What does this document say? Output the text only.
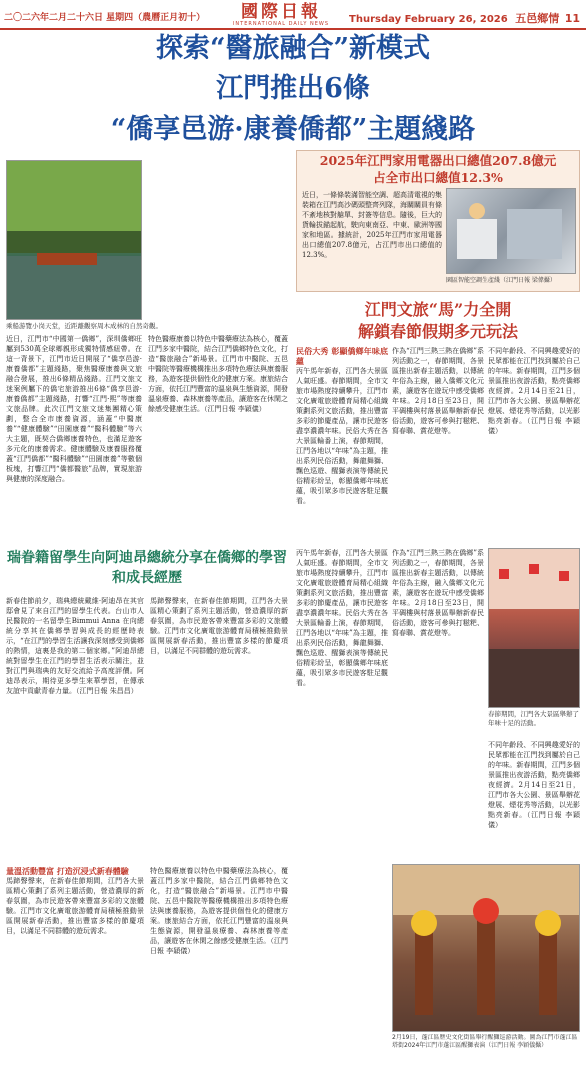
二〇二六年二月二十六日 星期四（農曆正月初十）	國際日報
INTERNATIONAL DAILY NEWS	Thursday February 26, 2026 五邑鄉情 11
探索“醫旅融合”新模式
江門推出6條
“僑享邑游·康養僑都”主題綫路
乘船游覽小岗天堂，近距離觀察周木成林的自然奇觀。
近日，江門市“中國第一僑鄉”，深圳僑鄉旺屬到530萬全球鄉親形成獨特情感紐帶。在這一背景下，江門市近日開展了“僑享邑游·康養僑都”主題綫路，聚焦醫療康養與文旅融合發展，推出6條精品綫路。江門文旅文迷案例屬下的僑宅旅游推出6條“僑享邑游·康養僑都”主題綫路，打響“江門·熙”等康養文旅品牌。此次江門文旅文迷集團精心策劃，整合全市康養資源，涵蓋“中醫康養”“健康體驗”“田園康養”“醫科體驗”等六大主題，既契合僑鄉康養特色，也滿足遊客多元化的康養需求。健康體驗及康養服務覆蓋“江門僑都”“醫科體驗”“田園康養”等數個板塊，打響江門“僑都醫旅”品牌，實現旅游與健康的深度融合。
特色醫療康養以特色中醫藥療法為核心，覆蓋江門多家中醫院，結合江門僑鄉特色文化，打造“醫旅融合”新場景。江門市中醫院、五邑中醫院等醫療機構推出多項特色療法與康養服務，為遊客提供個性化的健康方案。康旅結合方面，依托江門豐富的溫泉與生態資源，開發溫泉療養、森林康養等產品，讓遊客在休閑之餘感受健康生活。（江門日報 李穎儀）
2025年江門家用電器出口總值207.8億元
占全市出口總值12.3%
近日，一條條裝滿智能空調、超高清電視的集裝箱在江門高沙碼頭整齊列隊，海關關員有條不紊地核對艙單、封簽等信息。隨後，巨大的貨輪拔錨起航，駛向東南亞、中東、歐洲等國家和地區。據統計，2025年江門市家用電器出口總值207.8億元，占江門市出口總值的12.3%。
園區智能空調生產綫（江門日報 梁偉攝）
江門文旅“馬”力全開
解鎖春節假期多元玩法
民俗大秀 彰顯僑鄉年味底蘊
丙午馬年新春，江門各大景區人氣旺盛。春節期間，全市文旅市場熱度持續攀升，江門市文化廣電旅遊體育局精心組織策劃系列文旅活動，推出豐富多彩的節慶產品，讓市民遊客盡享濃濃年味。民俗大秀在各大景區輪番上演，春節期間，江門各地以“年味”為主題，推出系列民俗活動，舞龍舞獅、飄色巡遊、醒獅表演等傳統民俗精彩紛呈，彰顯僑鄉年味底蘊，吸引眾多市民遊客駐足觀看。
作為“江門三熱三熱在僑鄉”系列活動之一，春節期間，各景區推出新春主題活動，以傳統年俗為主線，融入僑鄉文化元素，讓遊客在遊玩中感受僑鄉年味。2月18日至23日，開平碉樓與村落景區舉辦新春民俗活動，遊客可參與打糍粑、寫春聯、賞花燈等。
不同年齡段、不同興趣愛好的民眾都能在江門找到屬於自己的年味。新春期間，江門多個景區推出夜游活動，點亮僑鄉夜經濟。2月14日至21日，江門市各大公園、景區舉辦花燈展、煙花秀等活動，以光影點亮新春。（江門日報 李穎儀）
瑞眷籍留學生向阿迪昂總統分享在僑鄉的學習和成長經歷
新春佳節前夕，瑞典總統戴維·阿迪昂在其官邸會見了來自江門的留學生代表。台山市人民醫院的一名留學生Bimmui Anna 在向總統分享其在僑鄉學習與成長的經歷時表示，“在江門的學習生活讓我深刻感受到僑鄉的熱情，這裏是我的第二個家鄉。”阿迪昂總統對留學生在江門的學習生活表示關注，並對江門與瑞典的友好交流給予高度評價。阿迪昂表示，期待更多學生來華學習，在傳承友誼中貢獻青春力量。（江門日報 朱昌昌）
馬蹄聲聲來，在新春佳節期間，江門各大景區精心策劃了系列主題活動，營造濃厚的新春氛圍，為市民遊客帶來豐富多彩的文旅體驗。江門市文化廣電旅游體育局積極推動景區開展新春活動，推出豐富多樣的節慶項目，以滿足不同群體的遊玩需求。
量溫活動豐富 打造沉浸式新春體驗
馬蹄聲聲來，在新春佳節期間，江門各大景區精心策劃了系列主題活動，營造濃厚的新春氛圍，為市民遊客帶來豐富多彩的文旅體驗。江門市文化廣電旅游體育局積極推動景區開展新春活動，推出豐富多樣的節慶項目，以滿足不同群體的遊玩需求。
特色醫療康養以特色中醫藥療法為核心，覆蓋江門多家中醫院，結合江門僑鄉特色文化，打造“醫旅融合”新場景。江門市中醫院、五邑中醫院等醫療機構推出多項特色療法與康養服務，為遊客提供個性化的健康方案。康旅結合方面，依托江門豐富的溫泉與生態資源，開發溫泉療養、森林康養等產品，讓遊客在休閑之餘感受健康生活。（江門日報 李穎儀）
丙午馬年新春，江門各大景區人氣旺盛。春節期間，全市文旅市場熱度持續攀升，江門市文化廣電旅遊體育局精心組織策劃系列文旅活動，推出豐富多彩的節慶產品，讓市民遊客盡享濃濃年味。民俗大秀在各大景區輪番上演，春節期間，江門各地以“年味”為主題，推出系列民俗活動，舞龍舞獅、飄色巡遊、醒獅表演等傳統民俗精彩紛呈，彰顯僑鄉年味底蘊，吸引眾多市民遊客駐足觀看。
作為“江門三熱三熱在僑鄉”系列活動之一，春節期間，各景區推出新春主題活動，以傳統年俗為主線，融入僑鄉文化元素，讓遊客在遊玩中感受僑鄉年味。2月18日至23日，開平碉樓與村落景區舉辦新春民俗活動，遊客可參與打糍粑、寫春聯、賞花燈等。
春節期間，江門各大景區舉辦了年味十足的活動。
不同年齡段、不同興趣愛好的民眾都能在江門找到屬於自己的年味。新春期間，江門多個景區推出夜游活動，點亮僑鄉夜經濟。2月14日至21日，江門市各大公園、景區舉辦花燈展、煙花秀等活動，以光影點亮新春。（江門日報 李穎儀）
2月19日，蓬江區歷史文化街區舉行醒獅巡游活動。圖為江門市蓬江區塔街2024年江門市蓬江區醒獅表演（江門日報 李穎儀攝）
